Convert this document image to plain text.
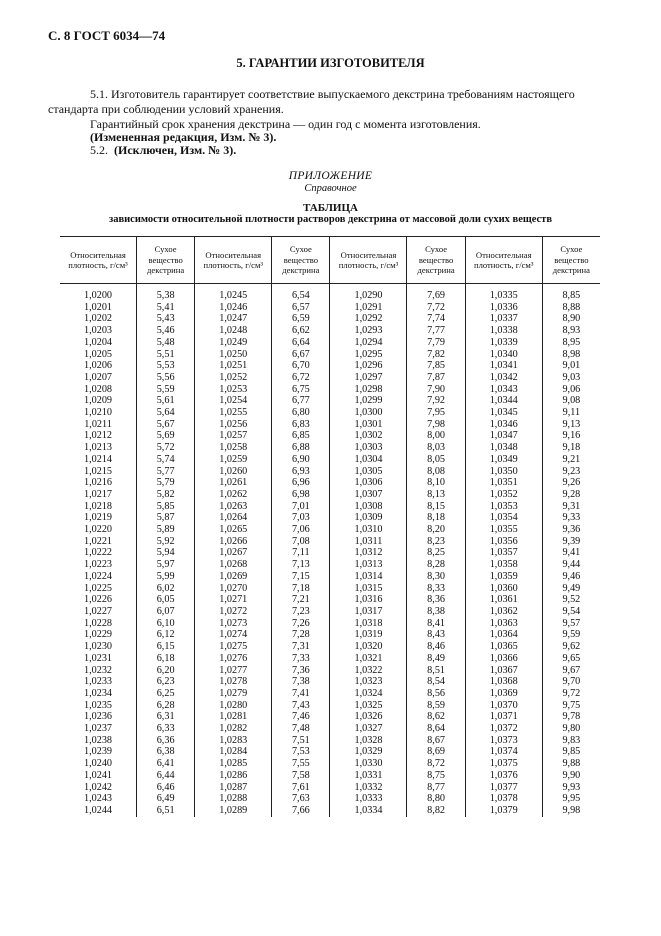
С. 8 ГОСТ 6034—74
5. ГАРАНТИИ ИЗГОТОВИТЕЛЯ
5.1. Изготовитель гарантирует соответствие выпускаемого декстрина требованиям настоящего
стандарта при соблюдении условий хранения.
Гарантийный срок хранения декстрина — один год с момента изготовления.
(Измененная редакция, Изм. № 3).
5.2. (Исключен, Изм. № 3).
ПРИЛОЖЕНИЕ
Справочное
ТАБЛИЦА
зависимости относительной плотности растворов декстрина от массовой доли сухих веществ
Относительная плотность, г/см³	Сухое вещество декстрина	Относительная плотность, г/см³	Сухое вещество декстрина	Относительная плотность, г/см³	Сухое вещество декстрина	Относительная плотность, г/см³	Сухое вещество декстрина

1,0200	5,38	1,0245	6,54	1,0290	7,69	1,0335	8,85
1,0201	5,41	1,0246	6,57	1,0291	7,72	1,0336	8,88
1,0202	5,43	1,0247	6,59	1,0292	7,74	1,0337	8,90
1,0203	5,46	1,0248	6,62	1,0293	7,77	1,0338	8,93
1,0204	5,48	1,0249	6,64	1,0294	7,79	1,0339	8,95
1,0205	5,51	1,0250	6,67	1,0295	7,82	1,0340	8,98
1,0206	5,53	1,0251	6,70	1,0296	7,85	1,0341	9,01
1,0207	5,56	1,0252	6,72	1,0297	7,87	1,0342	9,03
1,0208	5,59	1,0253	6,75	1,0298	7,90	1,0343	9,06
1,0209	5,61	1,0254	6,77	1,0299	7,92	1,0344	9,08
1,0210	5,64	1,0255	6,80	1,0300	7,95	1,0345	9,11
1,0211	5,67	1,0256	6,83	1,0301	7,98	1,0346	9,13
1,0212	5,69	1,0257	6,85	1,0302	8,00	1,0347	9,16
1,0213	5,72	1,0258	6,88	1,0303	8,03	1,0348	9,18
1,0214	5,74	1,0259	6,90	1,0304	8,05	1,0349	9,21
1,0215	5,77	1,0260	6,93	1,0305	8,08	1,0350	9,23
1,0216	5,79	1,0261	6,96	1,0306	8,10	1,0351	9,26
1,0217	5,82	1,0262	6,98	1,0307	8,13	1,0352	9,28
1,0218	5,85	1,0263	7,01	1,0308	8,15	1,0353	9,31
1,0219	5,87	1,0264	7,03	1,0309	8,18	1,0354	9,33
1,0220	5,89	1,0265	7,06	1,0310	8,20	1,0355	9,36
1,0221	5,92	1,0266	7,08	1,0311	8,23	1,0356	9,39
1,0222	5,94	1,0267	7,11	1,0312	8,25	1,0357	9,41
1,0223	5,97	1,0268	7,13	1,0313	8,28	1,0358	9,44
1,0224	5,99	1,0269	7,15	1,0314	8,30	1,0359	9,46
1,0225	6,02	1,0270	7,18	1,0315	8,33	1,0360	9,49
1,0226	6,05	1,0271	7,21	1,0316	8,36	1,0361	9,52
1,0227	6,07	1,0272	7,23	1,0317	8,38	1,0362	9,54
1,0228	6,10	1,0273	7,26	1,0318	8,41	1,0363	9,57
1,0229	6,12	1,0274	7,28	1,0319	8,43	1,0364	9,59
1,0230	6,15	1,0275	7,31	1,0320	8,46	1,0365	9,62
1,0231	6,18	1,0276	7,33	1,0321	8,49	1,0366	9,65
1,0232	6,20	1,0277	7,36	1,0322	8,51	1,0367	9,67
1,0233	6,23	1,0278	7,38	1,0323	8,54	1,0368	9,70
1,0234	6,25	1,0279	7,41	1,0324	8,56	1,0369	9,72
1,0235	6,28	1,0280	7,43	1,0325	8,59	1,0370	9,75
1,0236	6,31	1,0281	7,46	1,0326	8,62	1,0371	9,78
1,0237	6,33	1,0282	7,48	1,0327	8,64	1,0372	9,80
1,0238	6,36	1,0283	7,51	1,0328	8,67	1,0373	9,83
1,0239	6,38	1,0284	7,53	1,0329	8,69	1,0374	9,85
1,0240	6,41	1,0285	7,55	1,0330	8,72	1,0375	9,88
1,0241	6,44	1,0286	7,58	1,0331	8,75	1,0376	9,90
1,0242	6,46	1,0287	7,61	1,0332	8,77	1,0377	9,93
1,0243	6,49	1,0288	7,63	1,0333	8,80	1,0378	9,95
1,0244	6,51	1,0289	7,66	1,0334	8,82	1,0379	9,98
